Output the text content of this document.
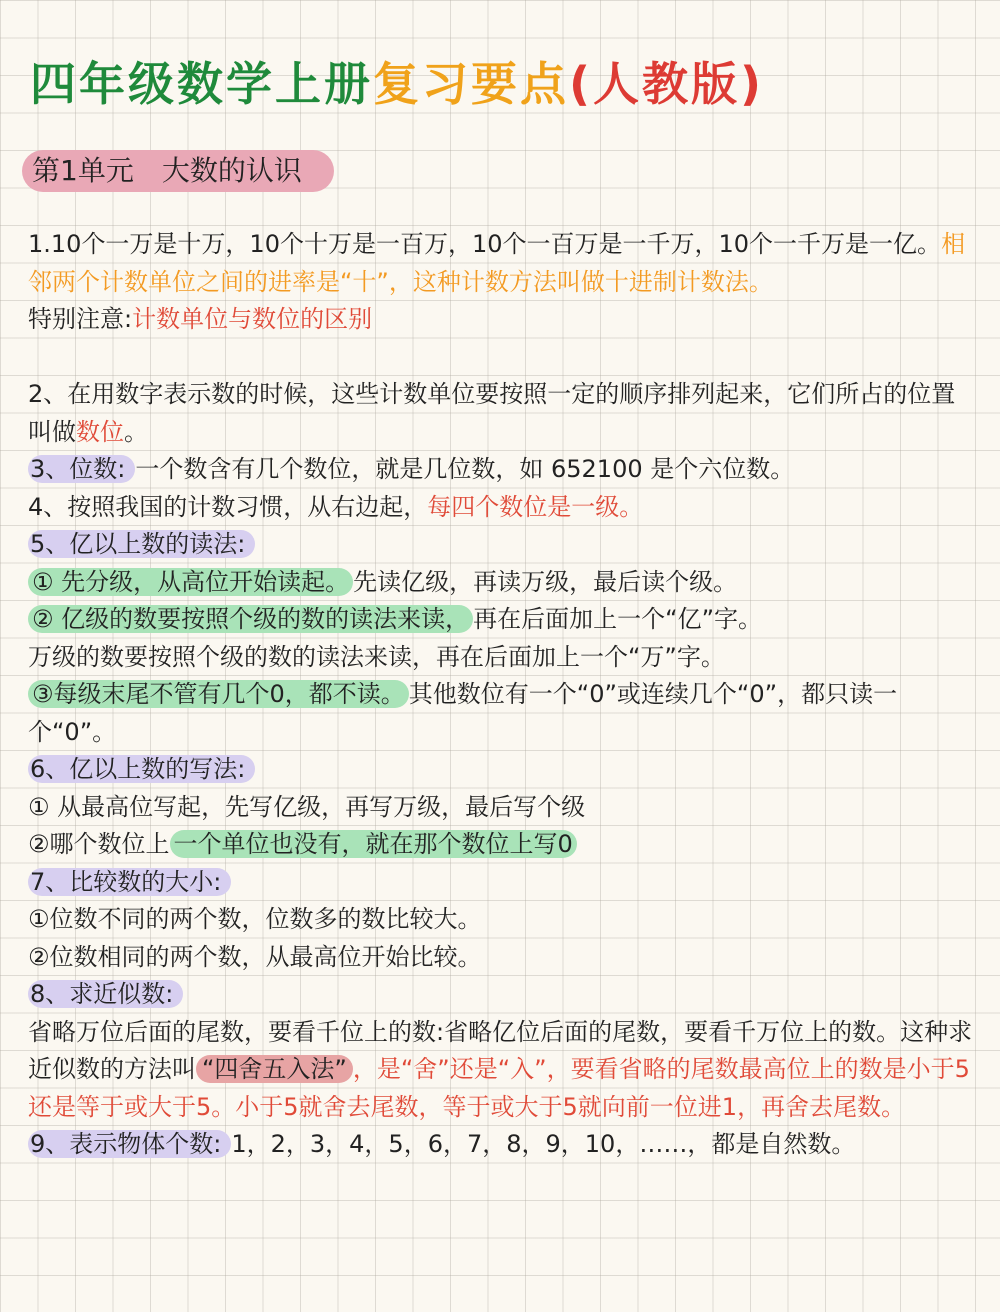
四年级数学上册复习要点(人教版)
第1单元　大数的认识

1.10个一万是十万，10个十万是一百万，10个一百万是一千万，10个一千万是一亿。相邻两个计数单位之间的进率是“十”，这种计数方法叫做十进制计数法。

特别注意:计数单位与数位的区别

2、在用数字表示数的时候，这些计数单位要按照一定的顺序排列起来，它们所占的位置叫做数位。

3、位数: 一个数含有几个数位，就是几位数，如 652100 是个六位数。

4、按照我国的计数习惯，从右边起，每四个数位是一级。

5、亿以上数的读法:

① 先分级，从高位开始读起。 先读亿级，再读万级，最后读个级。

② 亿级的数要按照个级的数的读法来读， 再在后面加上一个“亿”字。

万级的数要按照个级的数的读法来读，再在后面加上一个“万”字。

③每级末尾不管有几个0，都不读。 其他数位有一个“0”或连续几个“0”，都只读一个“0”。

6、亿以上数的写法:

① 从最高位写起，先写亿级，再写万级，最后写个级

②哪个数位上 一个单位也没有，就在那个数位上写0

7、比较数的大小:

①位数不同的两个数，位数多的数比较大。

②位数相同的两个数，从最高位开始比较。

8、求近似数:

省略万位后面的尾数，要看千位上的数:省略亿位后面的尾数，要看千万位上的数。这种求近似数的方法叫 “四舍五入法” ，是“舍”还是“入”，要看省略的尾数最高位上的数是小于5还是等于或大于5。小于5就舍去尾数，等于或大于5就向前一位进1，再舍去尾数。

9、表示物体个数: 1，2，3，4，5，6，7，8，9，10，……，都是自然数。
